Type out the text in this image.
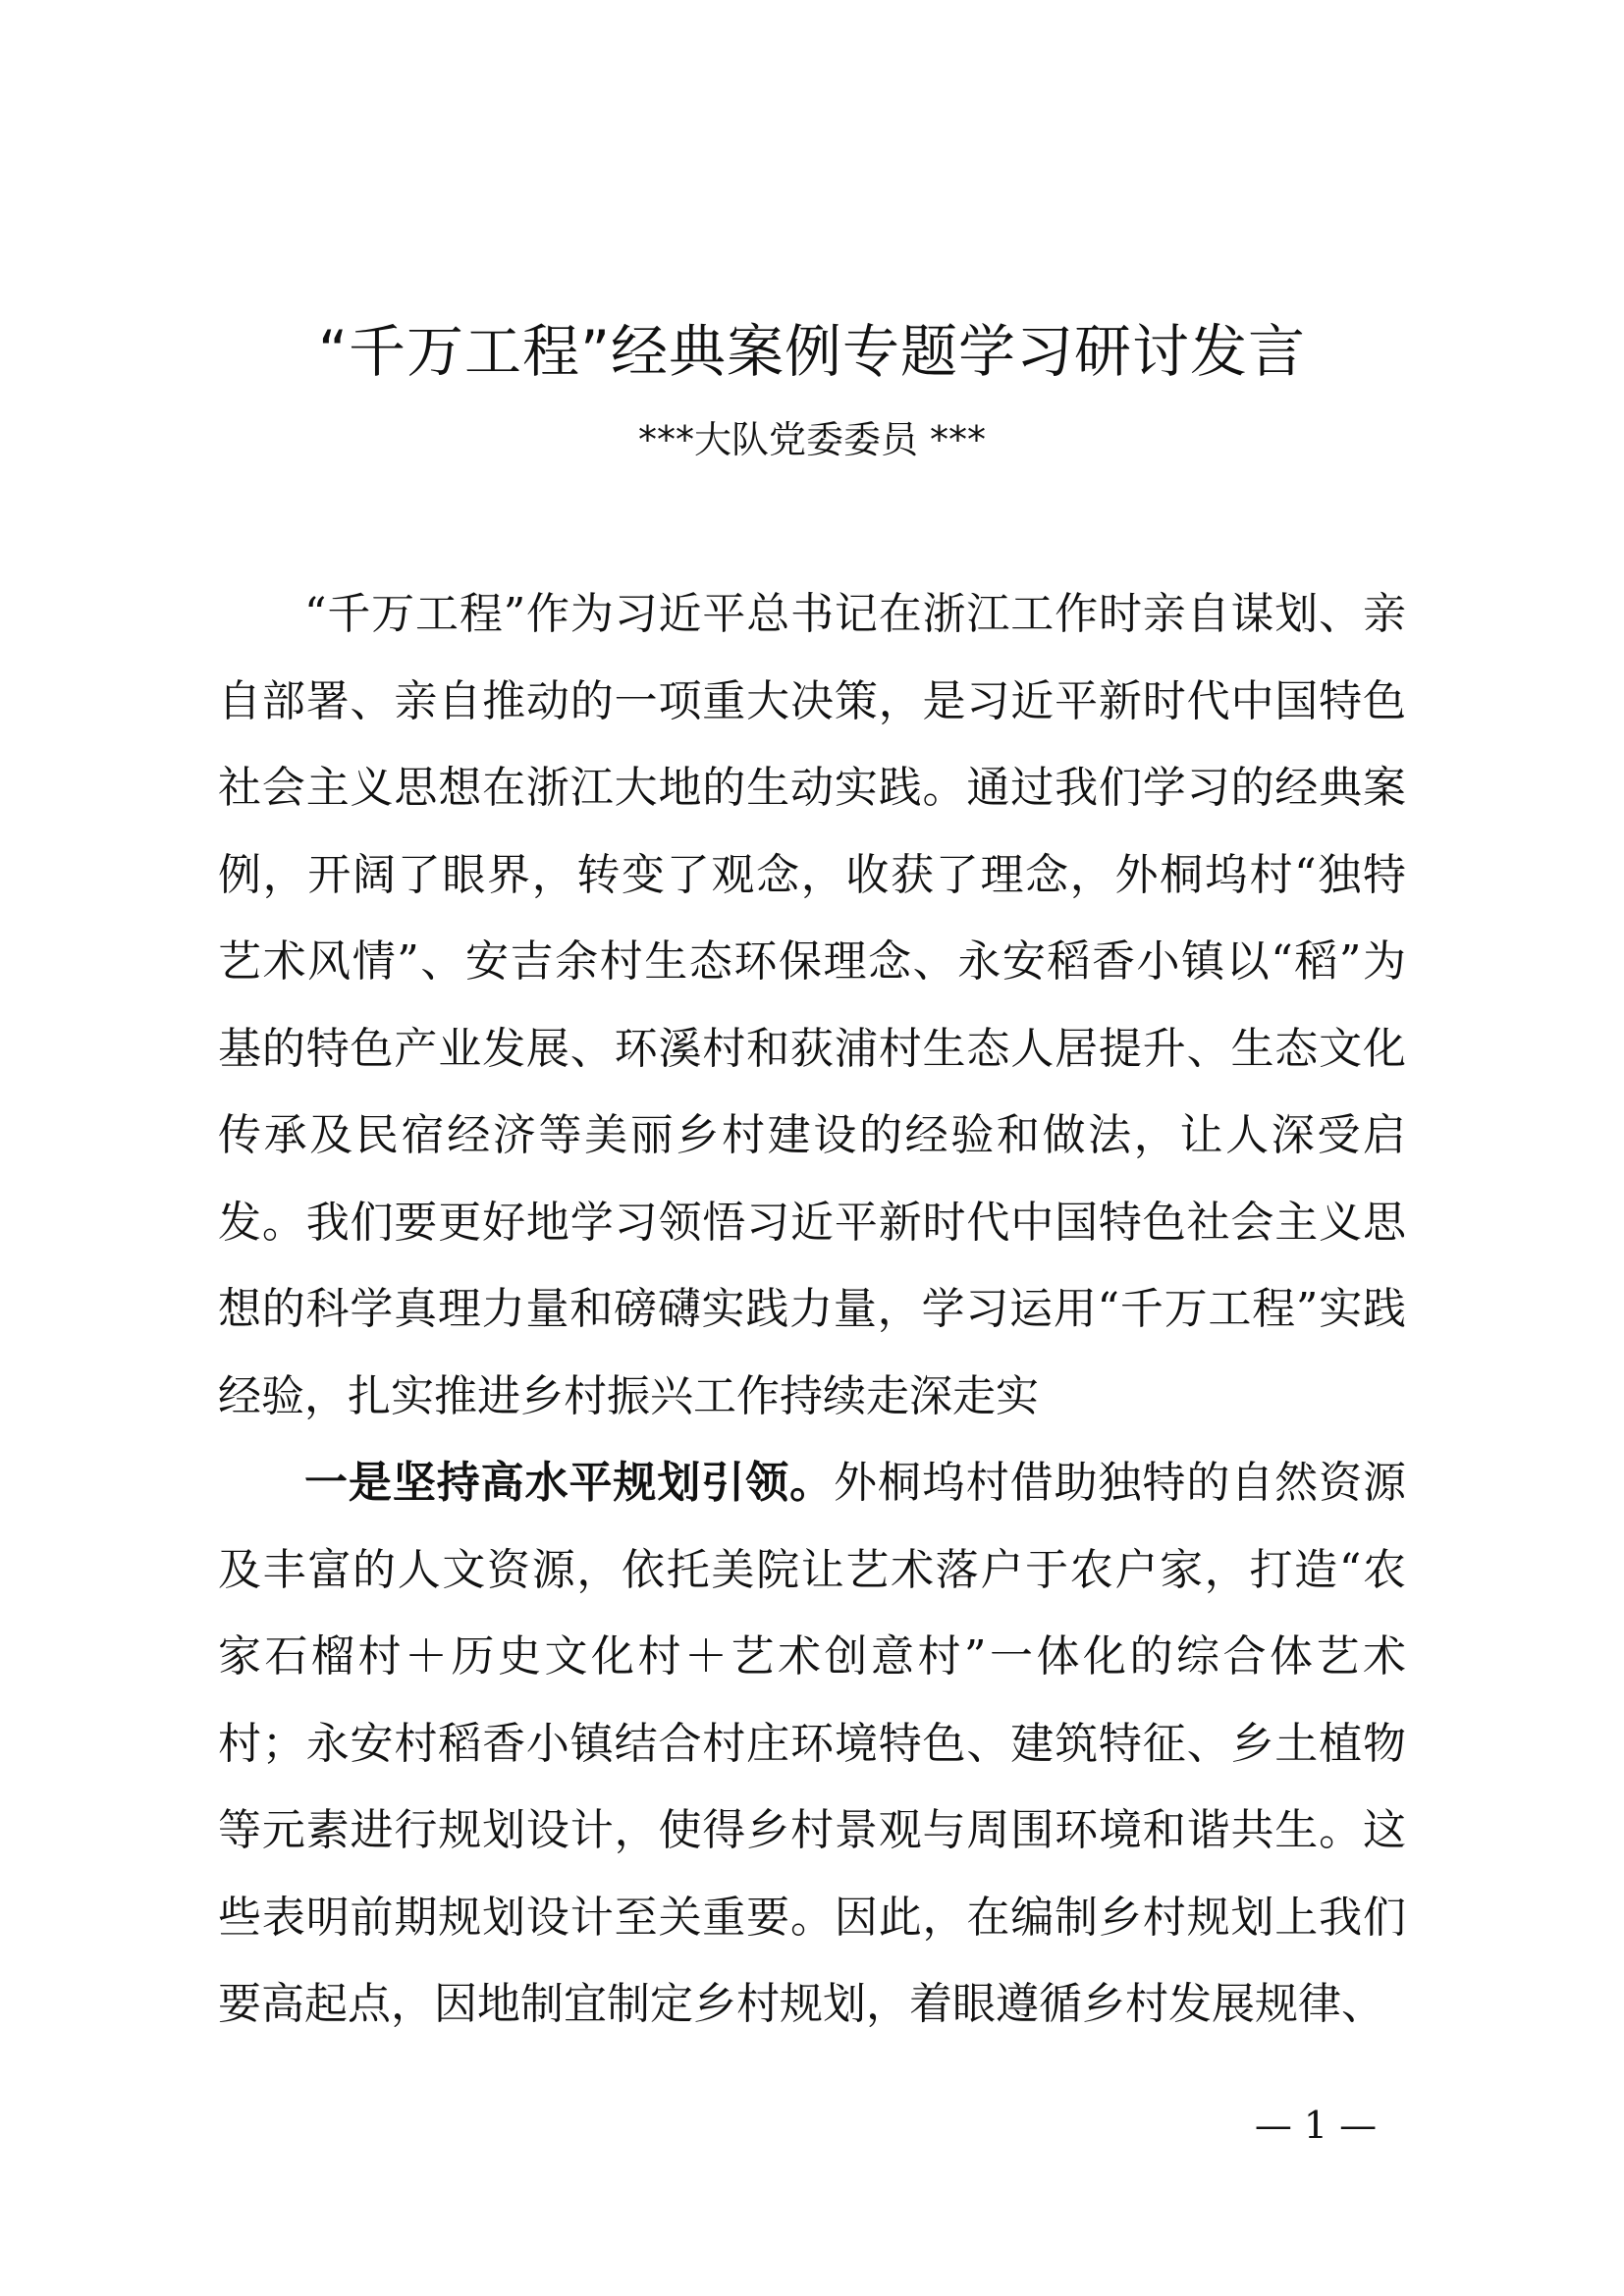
“千万工程”经典案例专题学习研讨发言
***大队党委委员 ***

“千万工程”作为习近平总书记在浙江工作时亲自谋划、亲自部署、亲自推动的一项重大决策，是习近平新时代中国特色社会主义思想在浙江大地的生动实践。通过我们学习的经典案例，开阔了眼界，转变了观念，收获了理念，外桐坞村“独特艺术风情”、安吉余村生态环保理念、永安稻香小镇以“稻”为基的特色产业发展、环溪村和荻浦村生态人居提升、生态文化传承及民宿经济等美丽乡村建设的经验和做法，让人深受启发。我们要更好地学习领悟习近平新时代中国特色社会主义思想的科学真理力量和磅礴实践力量，学习运用“千万工程”实践经验，扎实推进乡村振兴工作持续走深走实

一是坚持高水平规划引领。外桐坞村借助独特的自然资源及丰富的人文资源，依托美院让艺术落户于农户家，打造“农家石榴村＋历史文化村＋艺术创意村”一体化的综合体艺术村；永安村稻香小镇结合村庄环境特色、建筑特征、乡土植物等元素进行规划设计，使得乡村景观与周围环境和谐共生。这些表明前期规划设计至关重要。因此，在编制乡村规划上我们要高起点，因地制宜制定乡村规划，着眼遵循乡村发展规律、

— 1 —
